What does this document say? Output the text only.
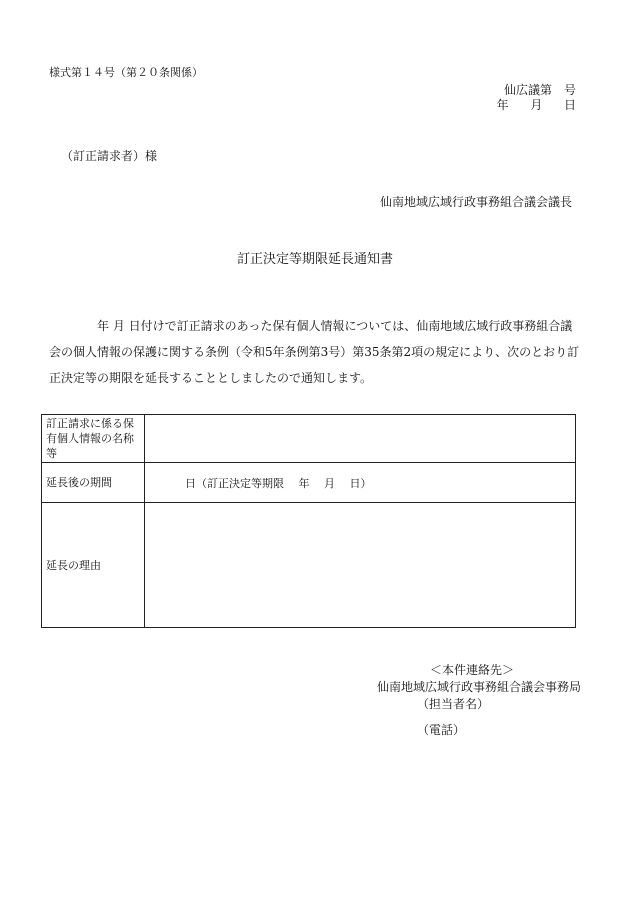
様式第１４号（第２０条関係）
仙広議第　号
年 月 日
（訂正請求者）様
仙南地域広域行政事務組合議会議長
訂正決定等期限延長通知書

年 月 日付けで訂正請求のあった保有個人情報については、仙南地域広域行政事務組合議会の個人情報の保護に関する条例（令和5年条例第3号）第35条第2項の規定により、次のとおり訂正決定等の期限を延長することとしましたので通知します。

訂正請求に係る保有個人情報の名称等	
延長後の期間	日（訂正決定等期限　 年　 月　 日）
延長の理由	
＜本件連絡先＞
仙南地域広域行政事務組合議会事務局
（担当者名）
（電話）
